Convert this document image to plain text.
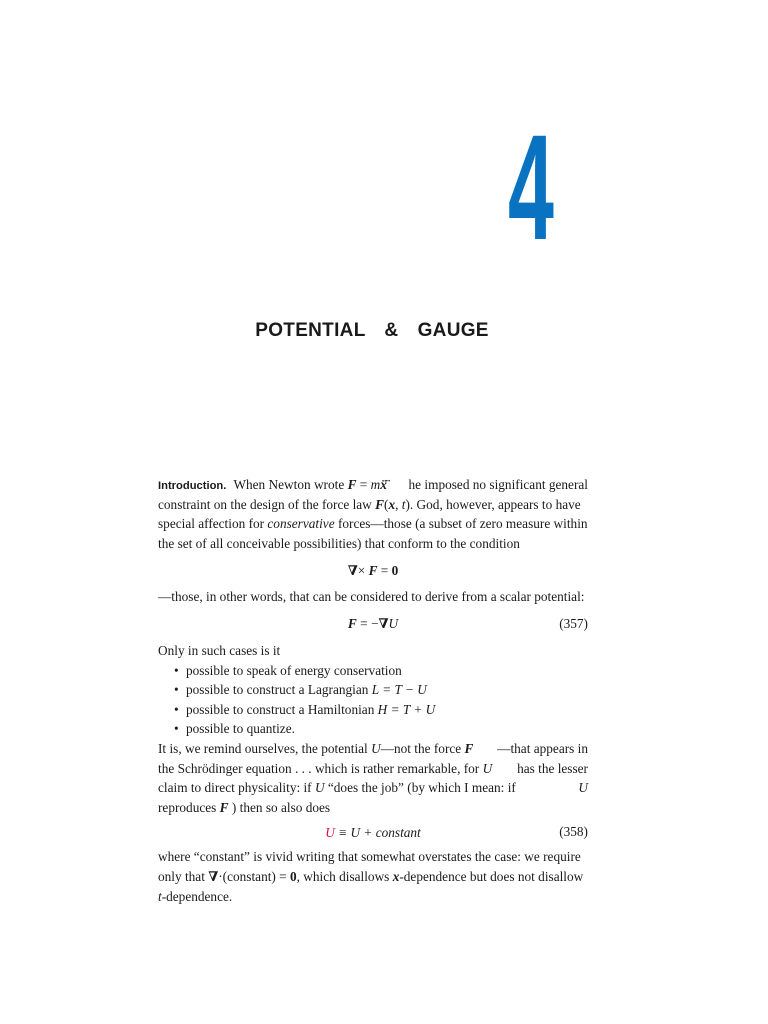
4
POTENTIAL  &  GAUGE
Introduction. When Newton wrote F = mẍ̈ he imposed no significant general
constraint on the design of the force law F(x, t). God, however, appears to have
special affection for conservative forces—those (a subset of zero measure within
the set of all conceivable possibilities) that conform to the condition
∇× F = 0
—those, in other words, that can be considered to derive from a scalar potential:
F = −∇U	(357)
Only in such cases is it
• possible to speak of energy conservation
• possible to construct a Lagrangian L = T − U
• possible to construct a Hamiltonian H = T + U
• possible to quantize.
It is, we remind ourselves, the potential U—not the force F —that appears in
the Schrödinger equation . . . which is rather remarkable, for U has the lesser
claim to direct physicality: if U “does the job” (by which I mean: if	U
reproduces F ) then so also does
U ≡ U + constant	(358)
where “constant” is vivid writing that somewhat overstates the case: we require
only that ∇·(constant) = 0, which disallows x-dependence but does not disallow
t-dependence.
